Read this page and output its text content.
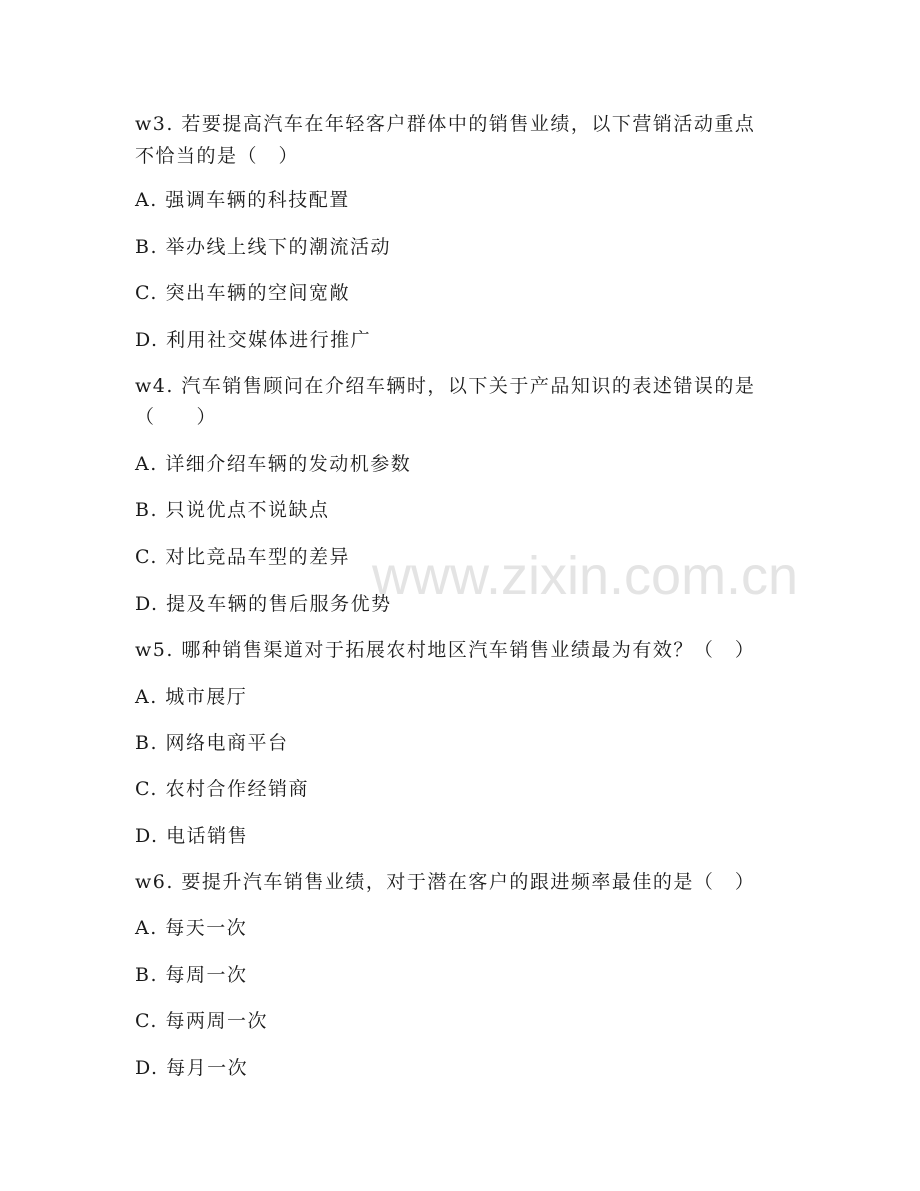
w3. 若要提高汽车在年轻客户群体中的销售业绩，以下营销活动重点
不恰当的是（　）
A. 强调车辆的科技配置
B. 举办线上线下的潮流活动
C. 突出车辆的空间宽敞
D. 利用社交媒体进行推广
w4. 汽车销售顾问在介绍车辆时，以下关于产品知识的表述错误的是
（　　）
A. 详细介绍车辆的发动机参数
B. 只说优点不说缺点
C. 对比竞品车型的差异
D. 提及车辆的售后服务优势
w5. 哪种销售渠道对于拓展农村地区汽车销售业绩最为有效？（　）
A. 城市展厅
B. 网络电商平台
C. 农村合作经销商
D. 电话销售
w6. 要提升汽车销售业绩，对于潜在客户的跟进频率最佳的是（　）
A. 每天一次
B. 每周一次
C. 每两周一次
D. 每月一次
www.zixin.com.cn
